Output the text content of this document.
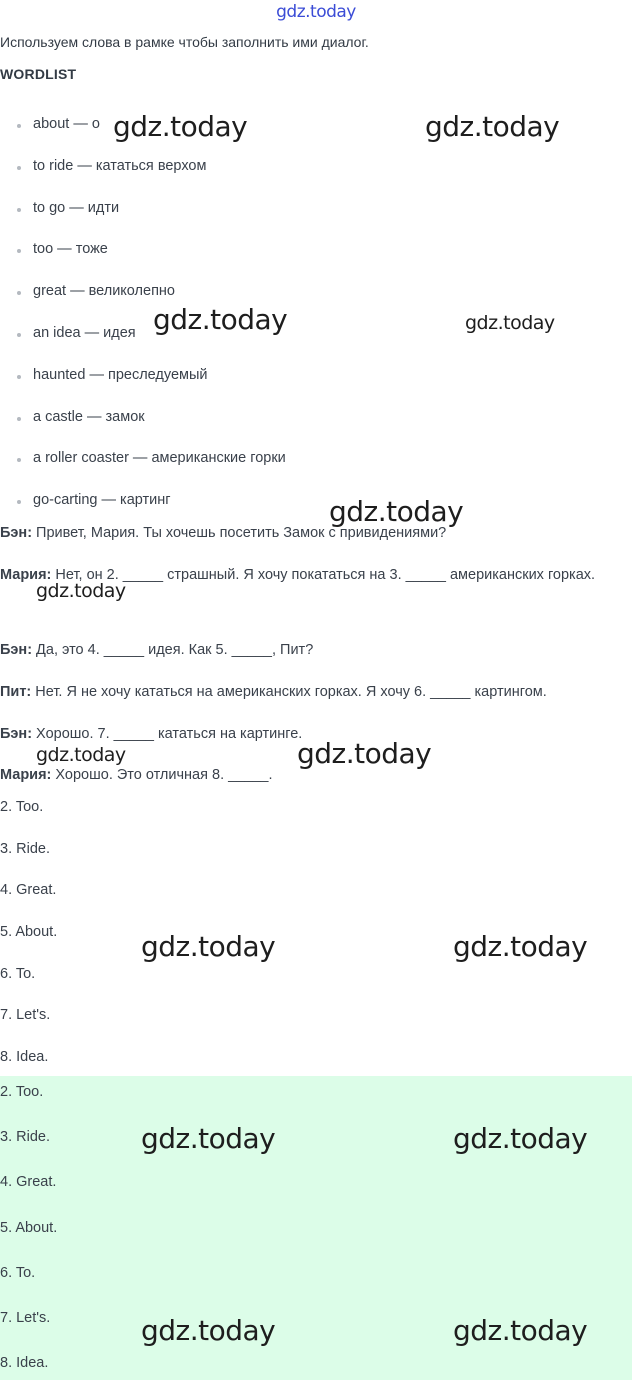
gdz.today
Используем слова в рамке чтобы заполнить ими диалог.
WORDLIST
about — о
to ride — кататься верхом
to go — идти
too — тоже
great — великолепно
an idea — идея
haunted — преследуемый
a castle — замок
a roller coaster — американские горки
go-carting — картинг
Бэн: Привет, Мария. Ты хочешь посетить Замок с привидениями?
Мария: Нет, он 2. _____ страшный. Я хочу покататься на 3. _____ американских горках.
Бэн: Да, это 4. _____ идея. Как 5. _____, Пит?
Пит: Нет. Я не хочу кататься на американских горках. Я хочу 6. _____ картингом.
Бэн: Хорошо. 7. _____ кататься на картинге.
Мария: Хорошо. Это отличная 8. _____.
2. Too.
3. Ride.
4. Great.
5. About.
6. To.
7. Let's.
8. Idea.
2. Too.
3. Ride.
4. Great.
5. About.
6. To.
7. Let's.
8. Idea.
gdz.today	gdz.today
gdz.today	gdz.today
gdz.today
gdz.today
gdz.today	gdz.today
gdz.today	gdz.today
gdz.today	gdz.today
gdz.today	gdz.today
